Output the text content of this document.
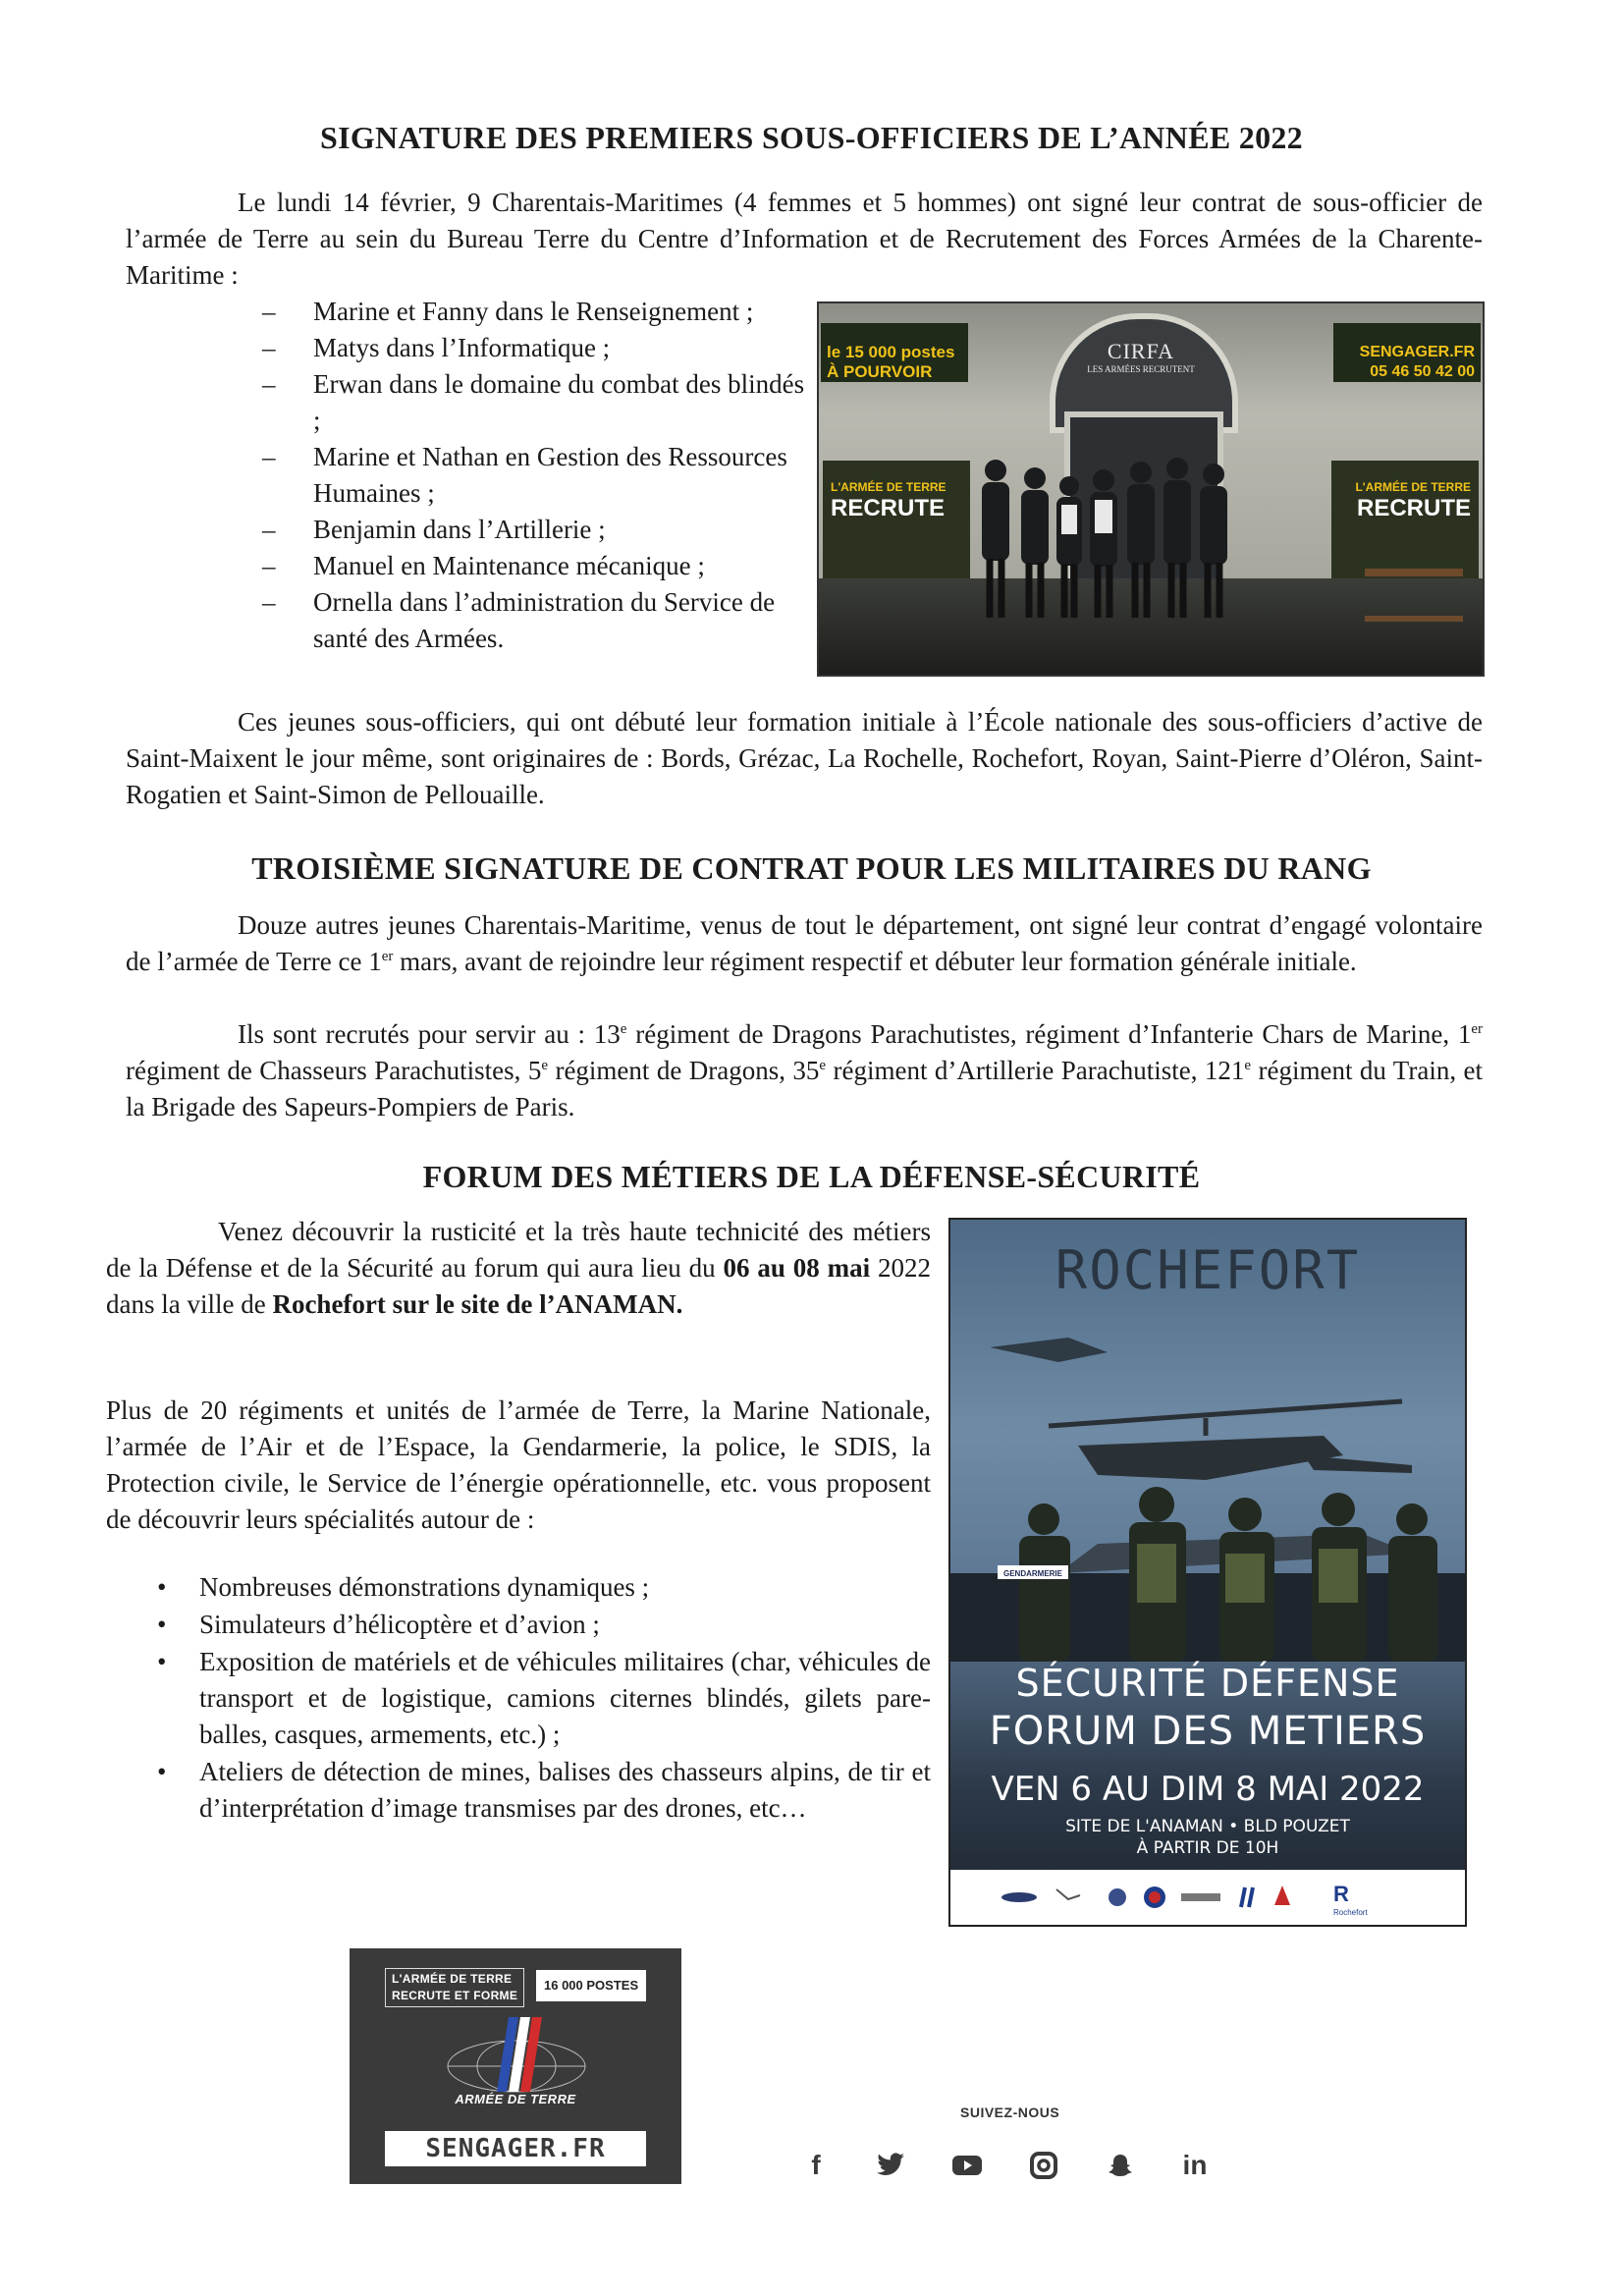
SIGNATURE DES PREMIERS SOUS-OFFICIERS DE L’ANNÉE 2022
Le lundi 14 février, 9 Charentais-Maritimes (4 femmes et 5 hommes) ont signé leur contrat de sous-officier de l’armée de Terre au sein du Bureau Terre du Centre d’Information et de Recrutement des Forces Armées de la Charente-Maritime :
– Marine et Fanny dans le Renseignement ;
– Matys dans l’Informatique ;
– Erwan dans le domaine du combat des blindés ;
– Marine et Nathan en Gestion des Ressources Humaines ;
– Benjamin dans l’Artillerie ;
– Manuel en Maintenance mécanique ;
– Ornella dans l’administration du Service de santé des Armées.
le 15 000 postes
À POURVOIR
SENGAGER.FR
05 46 50 42 00
CIRFA
LES ARMÉES RECRUTENT
L'ARMÉE DE TERRE
RECRUTE
L'ARMÉE DE TERRE
RECRUTE
Ces jeunes sous-officiers, qui ont débuté leur formation initiale à l’École nationale des sous-officiers d’active de Saint-Maixent le jour même, sont originaires de : Bords, Grézac, La Rochelle, Rochefort, Royan, Saint-Pierre d’Oléron, Saint-Rogatien et Saint-Simon de Pellouaille.
TROISIÈME SIGNATURE DE CONTRAT POUR LES MILITAIRES DU RANG
Douze autres jeunes Charentais-Maritime, venus de tout le département, ont signé leur contrat d’engagé volontaire de l’armée de Terre ce 1er mars, avant de rejoindre leur régiment respectif et débuter leur formation générale initiale.
Ils sont recrutés pour servir au : 13e régiment de Dragons Parachutistes, régiment d’Infanterie Chars de Marine, 1er régiment de Chasseurs Parachutistes, 5e régiment de Dragons, 35e régiment d’Artillerie Parachutiste, 121e régiment du Train, et la Brigade des Sapeurs-Pompiers de Paris.
FORUM DES MÉTIERS DE LA DÉFENSE-SÉCURITÉ
Venez découvrir la rusticité et la très haute technicité des métiers de la Défense et de la Sécurité au forum qui aura lieu du 06 au 08 mai 2022 dans la ville de Rochefort sur le site de l’ANAMAN.
Plus de 20 régiments et unités de l’armée de Terre, la Marine Nationale, l’armée de l’Air et de l’Espace, la Gendarmerie, la police, le SDIS, la Protection civile, le Service de l’énergie opérationnelle, etc. vous proposent de découvrir leurs spécialités autour de :
• Nombreuses démonstrations dynamiques ;
• Simulateurs d’hélicoptère et d’avion ;
• Exposition de matériels et de véhicules militaires (char, véhicules de transport et de logistique, camions citernes blindés, gilets pare-balles, casques, armements, etc.) ;
• Ateliers de détection de mines, balises des chasseurs alpins, de tir et d’interprétation d’image transmises par des drones, etc…
ROCHEFORT
GENDARMERIE
SÉCURITÉ DÉFENSE
FORUM DES METIERS
VEN 6 AU DIM 8 MAI 2022
SITE DE L'ANAMAN • BLD POUZET
À PARTIR DE 10H
R
Rochefort
L'ARMÉE DE TERRE
RECRUTE ET FORME
16 000 POSTES
ARMÉE DE TERRE
SENGAGER.FR
SUIVEZ-NOUS
f	in
